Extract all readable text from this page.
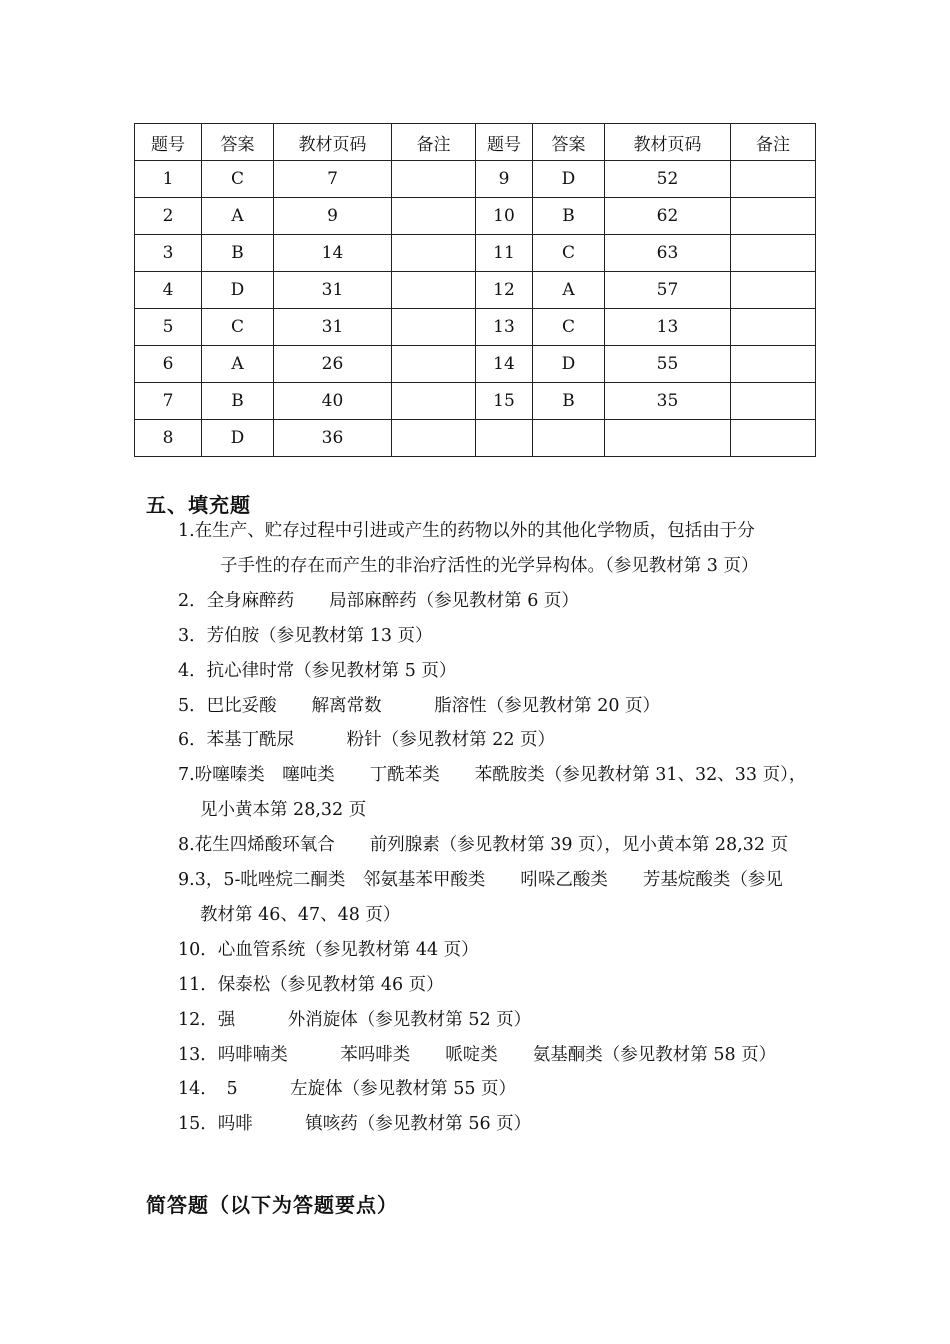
题号	答案	教材页码	备注	题号	答案	教材页码	备注
1	C	7		9	D	52	
2	A	9		10	B	62	
3	B	14		11	C	63	
4	D	31		12	A	57	
5	C	31		13	C	13	
6	A	26		14	D	55	
7	B	40		15	B	35	
8	D	36					
五、填充题
1.在生产、贮存过程中引进或产生的药物以外的其他化学物质，包括由于分
子手性的存在而产生的非治疗活性的光学异构体。（参见教材第 3 页）
2．全身麻醉药　　局部麻醉药（参见教材第 6 页）
3．芳伯胺（参见教材第 13 页）
4．抗心律时常（参见教材第 5 页）
5．巴比妥酸　　解离常数　　　脂溶性（参见教材第 20 页）
6．苯基丁酰尿　　　粉针（参见教材第 22 页）
7.吩噻嗪类　噻吨类　　丁酰苯类　　苯酰胺类（参见教材第 31、32、33 页），
见小黄本第 28,32 页
8.花生四烯酸环氧合　　前列腺素（参见教材第 39 页），见小黄本第 28,32 页
9.3，5-吡唑烷二酮类　邻氨基苯甲酸类　　吲哚乙酸类　　芳基烷酸类（参见
教材第 46、47、48 页）
10．心血管系统（参见教材第 44 页）
11．保泰松（参见教材第 46 页）
12．强　　　外消旋体（参见教材第 52 页）
13．吗啡喃类　　　苯吗啡类　　哌啶类　　氨基酮类（参见教材第 58 页）
14．　5　　　左旋体（参见教材第 55 页）
15．吗啡　　　镇咳药（参见教材第 56 页）
简答题（以下为答题要点）
